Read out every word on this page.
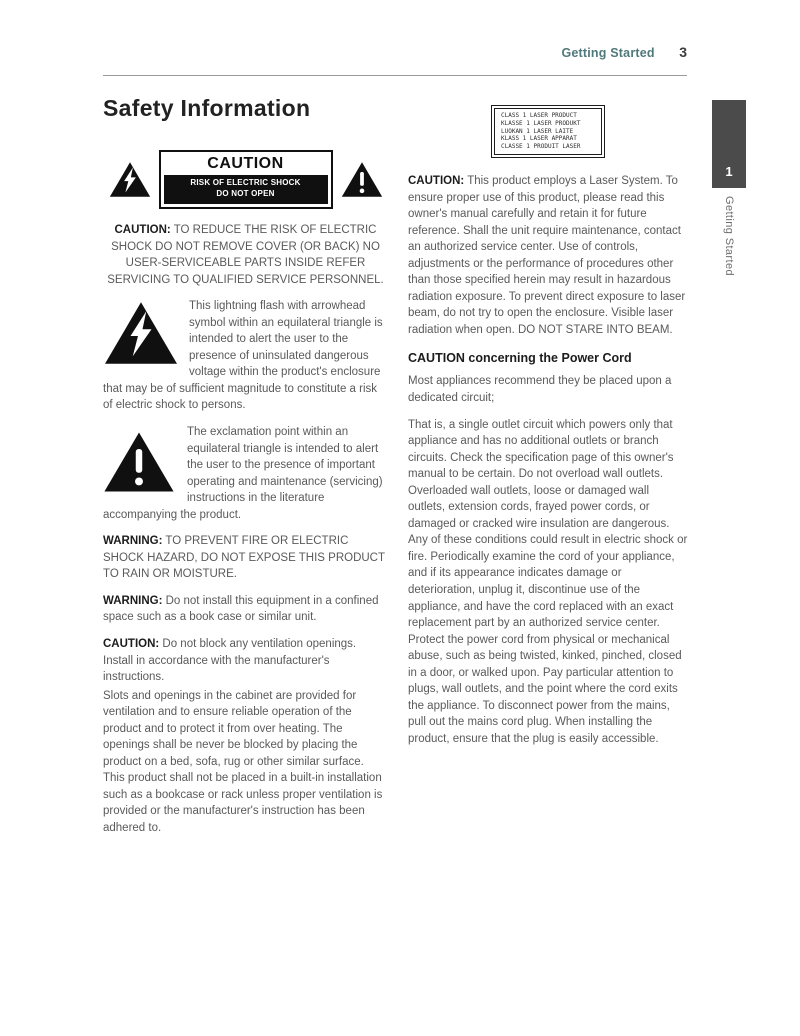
Getting Started 3
1
Getting Started
Safety Information
CAUTION
RISK OF ELECTRIC SHOCK
DO NOT OPEN

CAUTION: TO REDUCE THE RISK OF ELECTRIC SHOCK DO NOT REMOVE COVER (OR BACK) NO USER-SERVICEABLE PARTS INSIDE REFER SERVICING TO QUALIFIED SERVICE PERSONNEL.

This lightning flash with arrowhead symbol within an equilateral triangle is intended to alert the user to the presence of uninsulated dangerous voltage within the product's enclosure that may be of sufficient magnitude to constitute a risk of electric shock to persons.

The exclamation point within an equilateral triangle is intended to alert the user to the presence of important operating and maintenance (servicing) instructions in the literature accompanying the product.

WARNING: TO PREVENT FIRE OR ELECTRIC SHOCK HAZARD, DO NOT EXPOSE THIS PRODUCT TO RAIN OR MOISTURE.

WARNING: Do not install this equipment in a confined space such as a book case or similar unit.

CAUTION: Do not block any ventilation openings. Install in accordance with the manufacturer's instructions.

Slots and openings in the cabinet are provided for ventilation and to ensure reliable operation of the product and to protect it from over heating. The openings shall be never be blocked by placing the product on a bed, sofa, rug or other similar surface. This product shall not be placed in a built-in installation such as a bookcase or rack unless proper ventilation is provided or the manufacturer's instruction has been adhered to.

CLASS 1 LASER PRODUCT
KLASSE 1 LASER PRODUKT
LUOKAN 1 LASER LAITE
KLASS 1 LASER APPARAT
CLASSE 1 PRODUIT LASER

CAUTION: This product employs a Laser System. To ensure proper use of this product, please read this owner's manual carefully and retain it for future reference. Shall the unit require maintenance, contact an authorized service center. Use of controls, adjustments or the performance of procedures other than those specified herein may result in hazardous radiation exposure. To prevent direct exposure to laser beam, do not try to open the enclosure. Visible laser radiation when open. DO NOT STARE INTO BEAM.

CAUTION concerning the Power Cord

Most appliances recommend they be placed upon a dedicated circuit;

That is, a single outlet circuit which powers only that appliance and has no additional outlets or branch circuits. Check the specification page of this owner's manual to be certain. Do not overload wall outlets. Overloaded wall outlets, loose or damaged wall outlets, extension cords, frayed power cords, or damaged or cracked wire insulation are dangerous. Any of these conditions could result in electric shock or fire. Periodically examine the cord of your appliance, and if its appearance indicates damage or deterioration, unplug it, discontinue use of the appliance, and have the cord replaced with an exact replacement part by an authorized service center. Protect the power cord from physical or mechanical abuse, such as being twisted, kinked, pinched, closed in a door, or walked upon. Pay particular attention to plugs, wall outlets, and the point where the cord exits the appliance. To disconnect power from the mains, pull out the mains cord plug. When installing the product, ensure that the plug is easily accessible.
